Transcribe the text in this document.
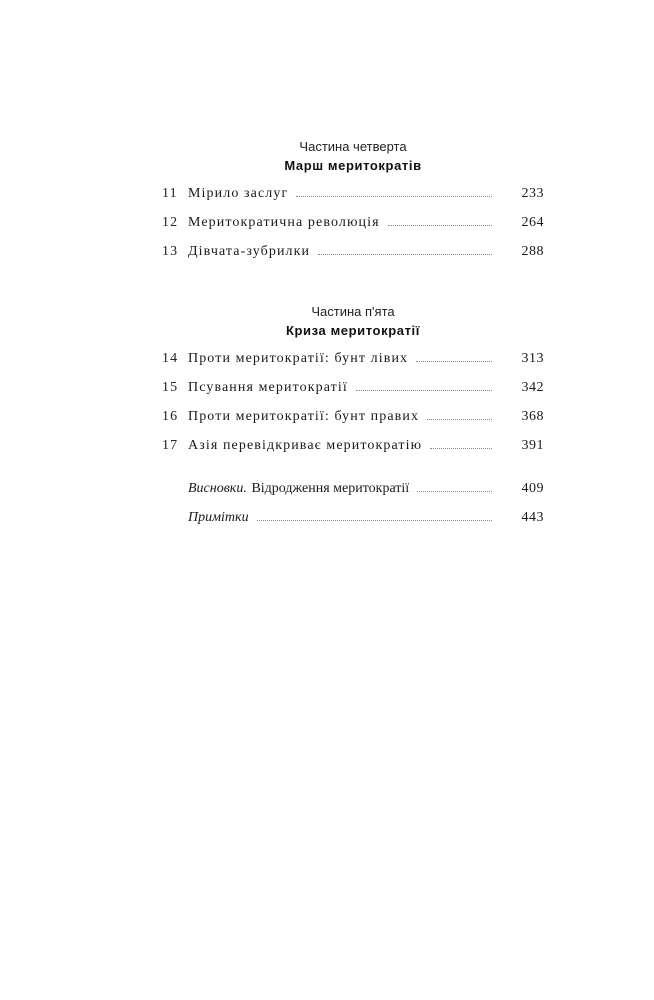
Частина четверта
Марш меритократів
11 Мірило заслуг	233
12 Меритократична революція	264
13 Дівчата-зубрилки	288
Частина п'ята
Криза меритократії
14 Проти меритократії: бунт лівих	313
15 Псування меритократії	342
16 Проти меритократії: бунт правих	368
17 Азія перевідкриває меритократію	391
Висновки. Відродження меритократії	409
Примітки	443
